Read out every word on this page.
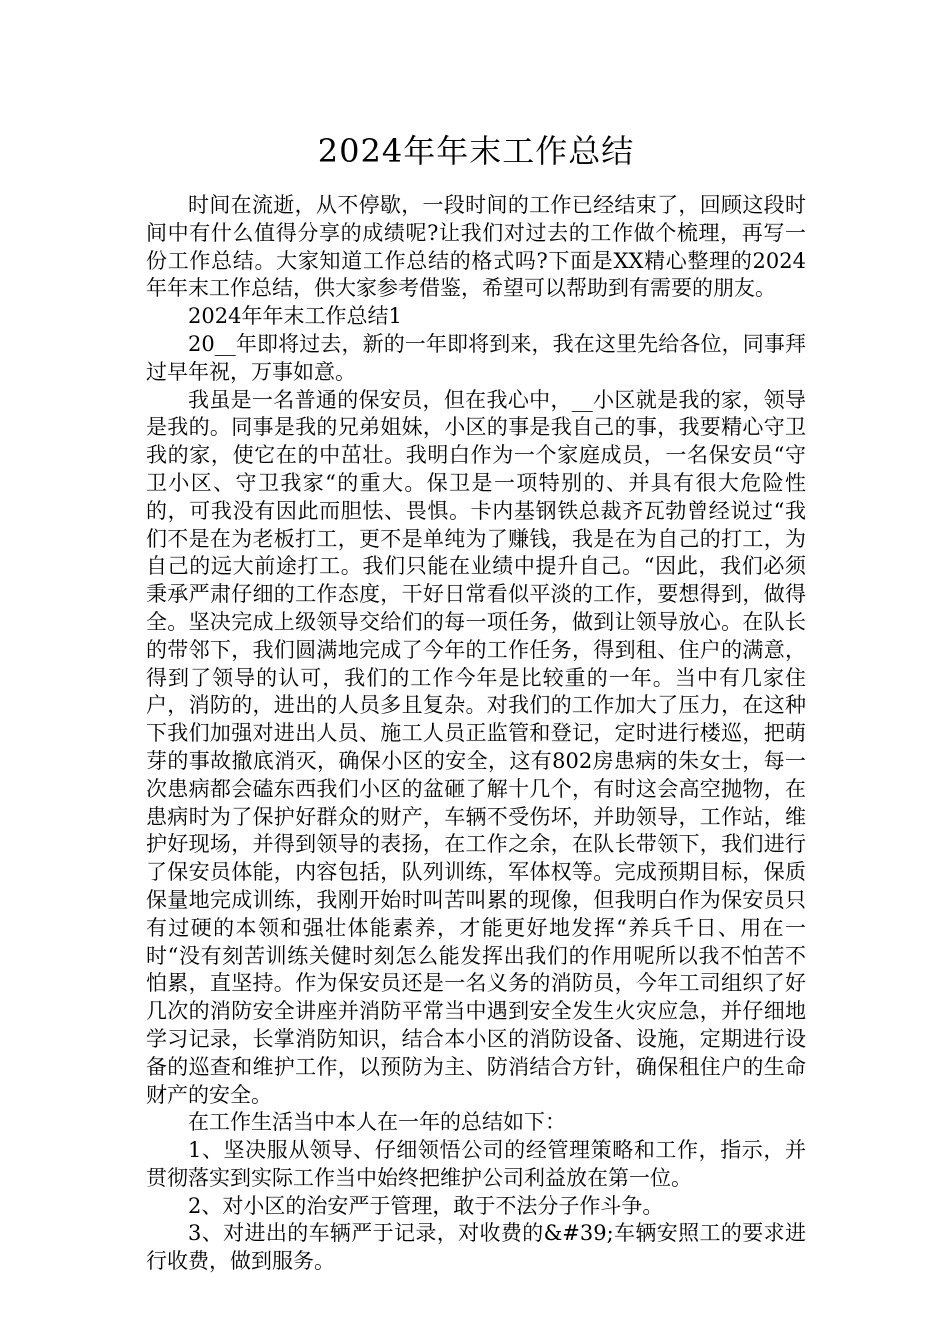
2024年年末工作总结

时间在流逝，从不停歇，一段时间的工作已经结束了，回顾这段时间中有什么值得分享的成绩呢?让我们对过去的工作做个梳理，再写一份工作总结。大家知道工作总结的格式吗?下面是XX精心整理的2024年年末工作总结，供大家参考借鉴，希望可以帮助到有需要的朋友。

2024年年末工作总结1

20__年即将过去，新的一年即将到来，我在这里先给各位，同事拜过早年祝，万事如意。

我虽是一名普通的保安员，但在我心中，__小区就是我的家，领导是我的。同事是我的兄弟姐妹，小区的事是我自己的事，我要精心守卫我的家，使它在的中茁壮。我明白作为一个家庭成员，一名保安员“守卫小区、守卫我家“的重大。保卫是一项特别的、并具有很大危险性的，可我没有因此而胆怯、畏惧。卡内基钢铁总裁齐瓦勃曾经说过“我们不是在为老板打工，更不是单纯为了赚钱，我是在为自己的打工，为自己的远大前途打工。我们只能在业绩中提升自己。“因此，我们必须秉承严肃仔细的工作态度，干好日常看似平淡的工作，要想得到，做得全。坚决完成上级领导交给们的每一项任务，做到让领导放心。在队长的带邻下，我们圆满地完成了今年的工作任务，得到租、住户的满意，得到了领导的认可，我们的工作今年是比较重的一年。当中有几家住户，消防的，进出的人员多且复杂。对我们的工作加大了压力，在这种下我们加强对进出人员、施工人员正监管和登记，定时进行楼巡，把萌芽的事故撤底消灭，确保小区的安全，这有802房患病的朱女士，每一次患病都会磕东西我们小区的盆砸了解十几个，有时这会高空抛物，在患病时为了保护好群众的财产，车辆不受伤坏，并助领导，工作站，维护好现场，并得到领导的表扬，在工作之余，在队长带领下，我们进行了保安员体能，内容包括，队列训练，军体权等。完成预期目标，保质保量地完成训练，我刚开始时叫苦叫累的现像，但我明白作为保安员只有过硬的本领和强壮体能素养，才能更好地发挥“养兵千日、用在一时“没有刻苦训练关健时刻怎么能发挥出我们的作用呢所以我不怕苦不怕累，直坚持。作为保安员还是一名义务的消防员，今年工司组织了好几次的消防安全讲座并消防平常当中遇到安全发生火灾应急，并仔细地学习记录，长掌消防知识，结合本小区的消防设备、设施，定期进行设备的巡查和维护工作，以预防为主、防消结合方针，确保租住户的生命财产的安全。

在工作生活当中本人在一年的总结如下：

1、坚决服从领导、仔细领悟公司的经管理策略和工作，指示，并贯彻落实到实际工作当中始终把维护公司利益放在第一位。

2、对小区的治安严于管理，敢于不法分子作斗争。

3、对进出的车辆严于记录，对收费的&#39;车辆安照工的要求进行收费，做到服务。
